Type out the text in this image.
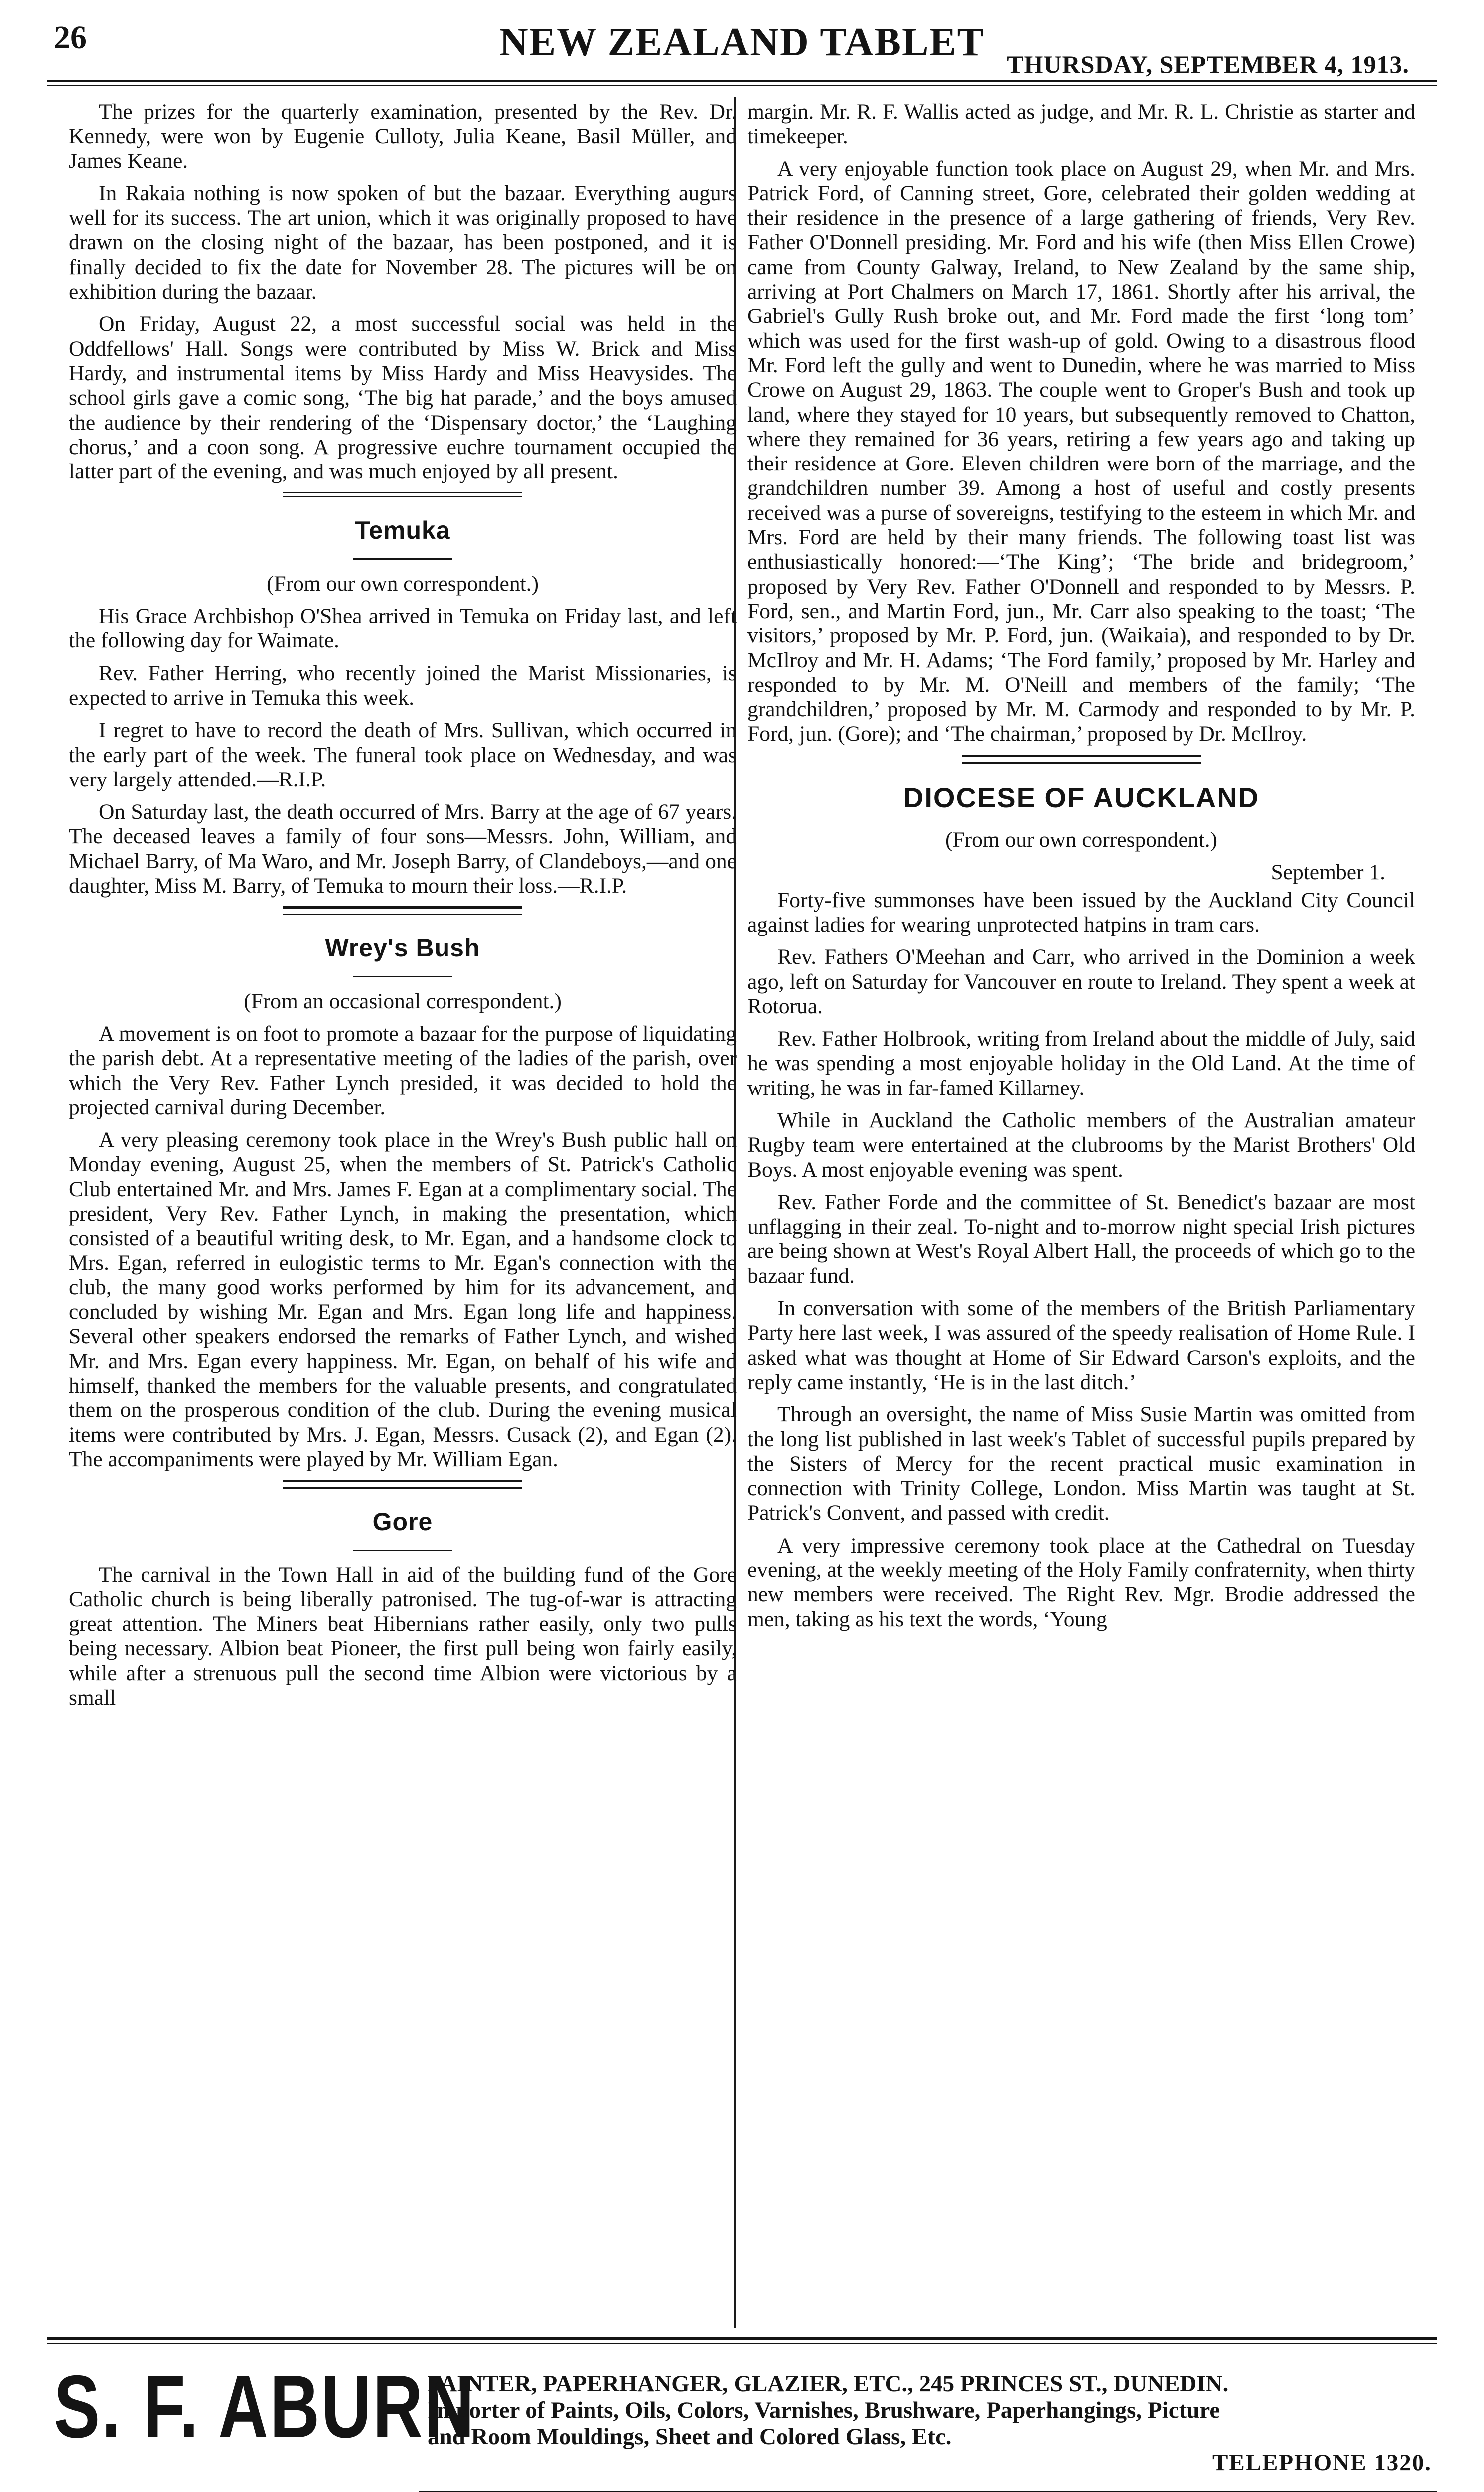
26	NEW ZEALAND TABLET THURSDAY, SEPTEMBER 4, 1913.

The prizes for the quarterly examination, presented by the Rev. Dr. Kennedy, were won by Eugenie Culloty, Julia Keane, Basil Müller, and James Keane.

In Rakaia nothing is now spoken of but the bazaar. Everything augurs well for its success. The art union, which it was originally proposed to have drawn on the closing night of the bazaar, has been postponed, and it is finally decided to fix the date for November 28. The pictures will be on exhibition during the bazaar.

On Friday, August 22, a most successful social was held in the Oddfellows' Hall. Songs were contributed by Miss W. Brick and Miss Hardy, and instrumental items by Miss Hardy and Miss Heavysides. The school girls gave a comic song, ‘The big hat parade,’ and the boys amused the audience by their rendering of the ‘Dispensary doctor,’ the ‘Laughing chorus,’ and a coon song. A progressive euchre tournament occupied the latter part of the evening, and was much enjoyed by all present.

Temuka

(From our own correspondent.)

His Grace Archbishop O'Shea arrived in Temuka on Friday last, and left the following day for Waimate.

Rev. Father Herring, who recently joined the Marist Missionaries, is expected to arrive in Temuka this week.

I regret to have to record the death of Mrs. Sullivan, which occurred in the early part of the week. The funeral took place on Wednesday, and was very largely attended.—R.I.P.

On Saturday last, the death occurred of Mrs. Barry at the age of 67 years. The deceased leaves a family of four sons—Messrs. John, William, and Michael Barry, of Ma Waro, and Mr. Joseph Barry, of Clandeboys,—and one daughter, Miss M. Barry, of Temuka to mourn their loss.—R.I.P.

Wrey's Bush

(From an occasional correspondent.)

A movement is on foot to promote a bazaar for the purpose of liquidating the parish debt. At a representative meeting of the ladies of the parish, over which the Very Rev. Father Lynch presided, it was decided to hold the projected carnival during December.

A very pleasing ceremony took place in the Wrey's Bush public hall on Monday evening, August 25, when the members of St. Patrick's Catholic Club entertained Mr. and Mrs. James F. Egan at a complimentary social. The president, Very Rev. Father Lynch, in making the presentation, which consisted of a beautiful writing desk, to Mr. Egan, and a handsome clock to Mrs. Egan, referred in eulogistic terms to Mr. Egan's connection with the club, the many good works performed by him for its advancement, and concluded by wishing Mr. Egan and Mrs. Egan long life and happiness. Several other speakers endorsed the remarks of Father Lynch, and wished Mr. and Mrs. Egan every happiness. Mr. Egan, on behalf of his wife and himself, thanked the members for the valuable presents, and congratulated them on the prosperous condition of the club. During the evening musical items were contributed by Mrs. J. Egan, Messrs. Cusack (2), and Egan (2). The accompaniments were played by Mr. William Egan.

Gore

The carnival in the Town Hall in aid of the building fund of the Gore Catholic church is being liberally patronised. The tug-of-war is attracting great attention. The Miners beat Hibernians rather easily, only two pulls being necessary. Albion beat Pioneer, the first pull being won fairly easily, while after a strenuous pull the second time Albion were victorious by a small

margin. Mr. R. F. Wallis acted as judge, and Mr. R. L. Christie as starter and timekeeper.

A very enjoyable function took place on August 29, when Mr. and Mrs. Patrick Ford, of Canning street, Gore, celebrated their golden wedding at their residence in the presence of a large gathering of friends, Very Rev. Father O'Donnell presiding. Mr. Ford and his wife (then Miss Ellen Crowe) came from County Galway, Ireland, to New Zealand by the same ship, arriving at Port Chalmers on March 17, 1861. Shortly after his arrival, the Gabriel's Gully Rush broke out, and Mr. Ford made the first ‘long tom’ which was used for the first wash-up of gold. Owing to a disastrous flood Mr. Ford left the gully and went to Dunedin, where he was married to Miss Crowe on August 29, 1863. The couple went to Groper's Bush and took up land, where they stayed for 10 years, but subsequently removed to Chatton, where they remained for 36 years, retiring a few years ago and taking up their residence at Gore. Eleven children were born of the marriage, and the grandchildren number 39. Among a host of useful and costly presents received was a purse of sovereigns, testifying to the esteem in which Mr. and Mrs. Ford are held by their many friends. The following toast list was enthusiastically honored:—‘The King’; ‘The bride and bridegroom,’ proposed by Very Rev. Father O'Donnell and responded to by Messrs. P. Ford, sen., and Martin Ford, jun., Mr. Carr also speaking to the toast; ‘The visitors,’ proposed by Mr. P. Ford, jun. (Waikaia), and responded to by Dr. McIlroy and Mr. H. Adams; ‘The Ford family,’ proposed by Mr. Harley and responded to by Mr. M. O'Neill and members of the family; ‘The grandchildren,’ proposed by Mr. M. Carmody and responded to by Mr. P. Ford, jun. (Gore); and ‘The chairman,’ proposed by Dr. McIlroy.

DIOCESE OF AUCKLAND

(From our own correspondent.)

September 1.

Forty-five summonses have been issued by the Auckland City Council against ladies for wearing unprotected hatpins in tram cars.

Rev. Fathers O'Meehan and Carr, who arrived in the Dominion a week ago, left on Saturday for Vancouver en route to Ireland. They spent a week at Rotorua.

Rev. Father Holbrook, writing from Ireland about the middle of July, said he was spending a most enjoyable holiday in the Old Land. At the time of writing, he was in far-famed Killarney.

While in Auckland the Catholic members of the Australian amateur Rugby team were entertained at the clubrooms by the Marist Brothers' Old Boys. A most enjoyable evening was spent.

Rev. Father Forde and the committee of St. Benedict's bazaar are most unflagging in their zeal. To-night and to-morrow night special Irish pictures are being shown at West's Royal Albert Hall, the proceeds of which go to the bazaar fund.

In conversation with some of the members of the British Parliamentary Party here last week, I was assured of the speedy realisation of Home Rule. I asked what was thought at Home of Sir Edward Carson's exploits, and the reply came instantly, ‘He is in the last ditch.’

Through an oversight, the name of Miss Susie Martin was omitted from the long list published in last week's Tablet of successful pupils prepared by the Sisters of Mercy for the recent practical music examination in connection with Trinity College, London. Miss Martin was taught at St. Patrick's Convent, and passed with credit.

A very impressive ceremony took place at the Cathedral on Tuesday evening, at the weekly meeting of the Holy Family confraternity, when thirty new members were received. The Right Rev. Mgr. Brodie addressed the men, taking as his text the words, ‘Young

S. F. ABURN
PAINTER, PAPERHANGER, GLAZIER, ETC., 245 PRINCES ST., DUNEDIN.
Importer of Paints, Oils, Colors, Varnishes, Brushware, Paperhangings, Picture
and Room Mouldings, Sheet and Colored Glass, Etc.
TELEPHONE 1320.
